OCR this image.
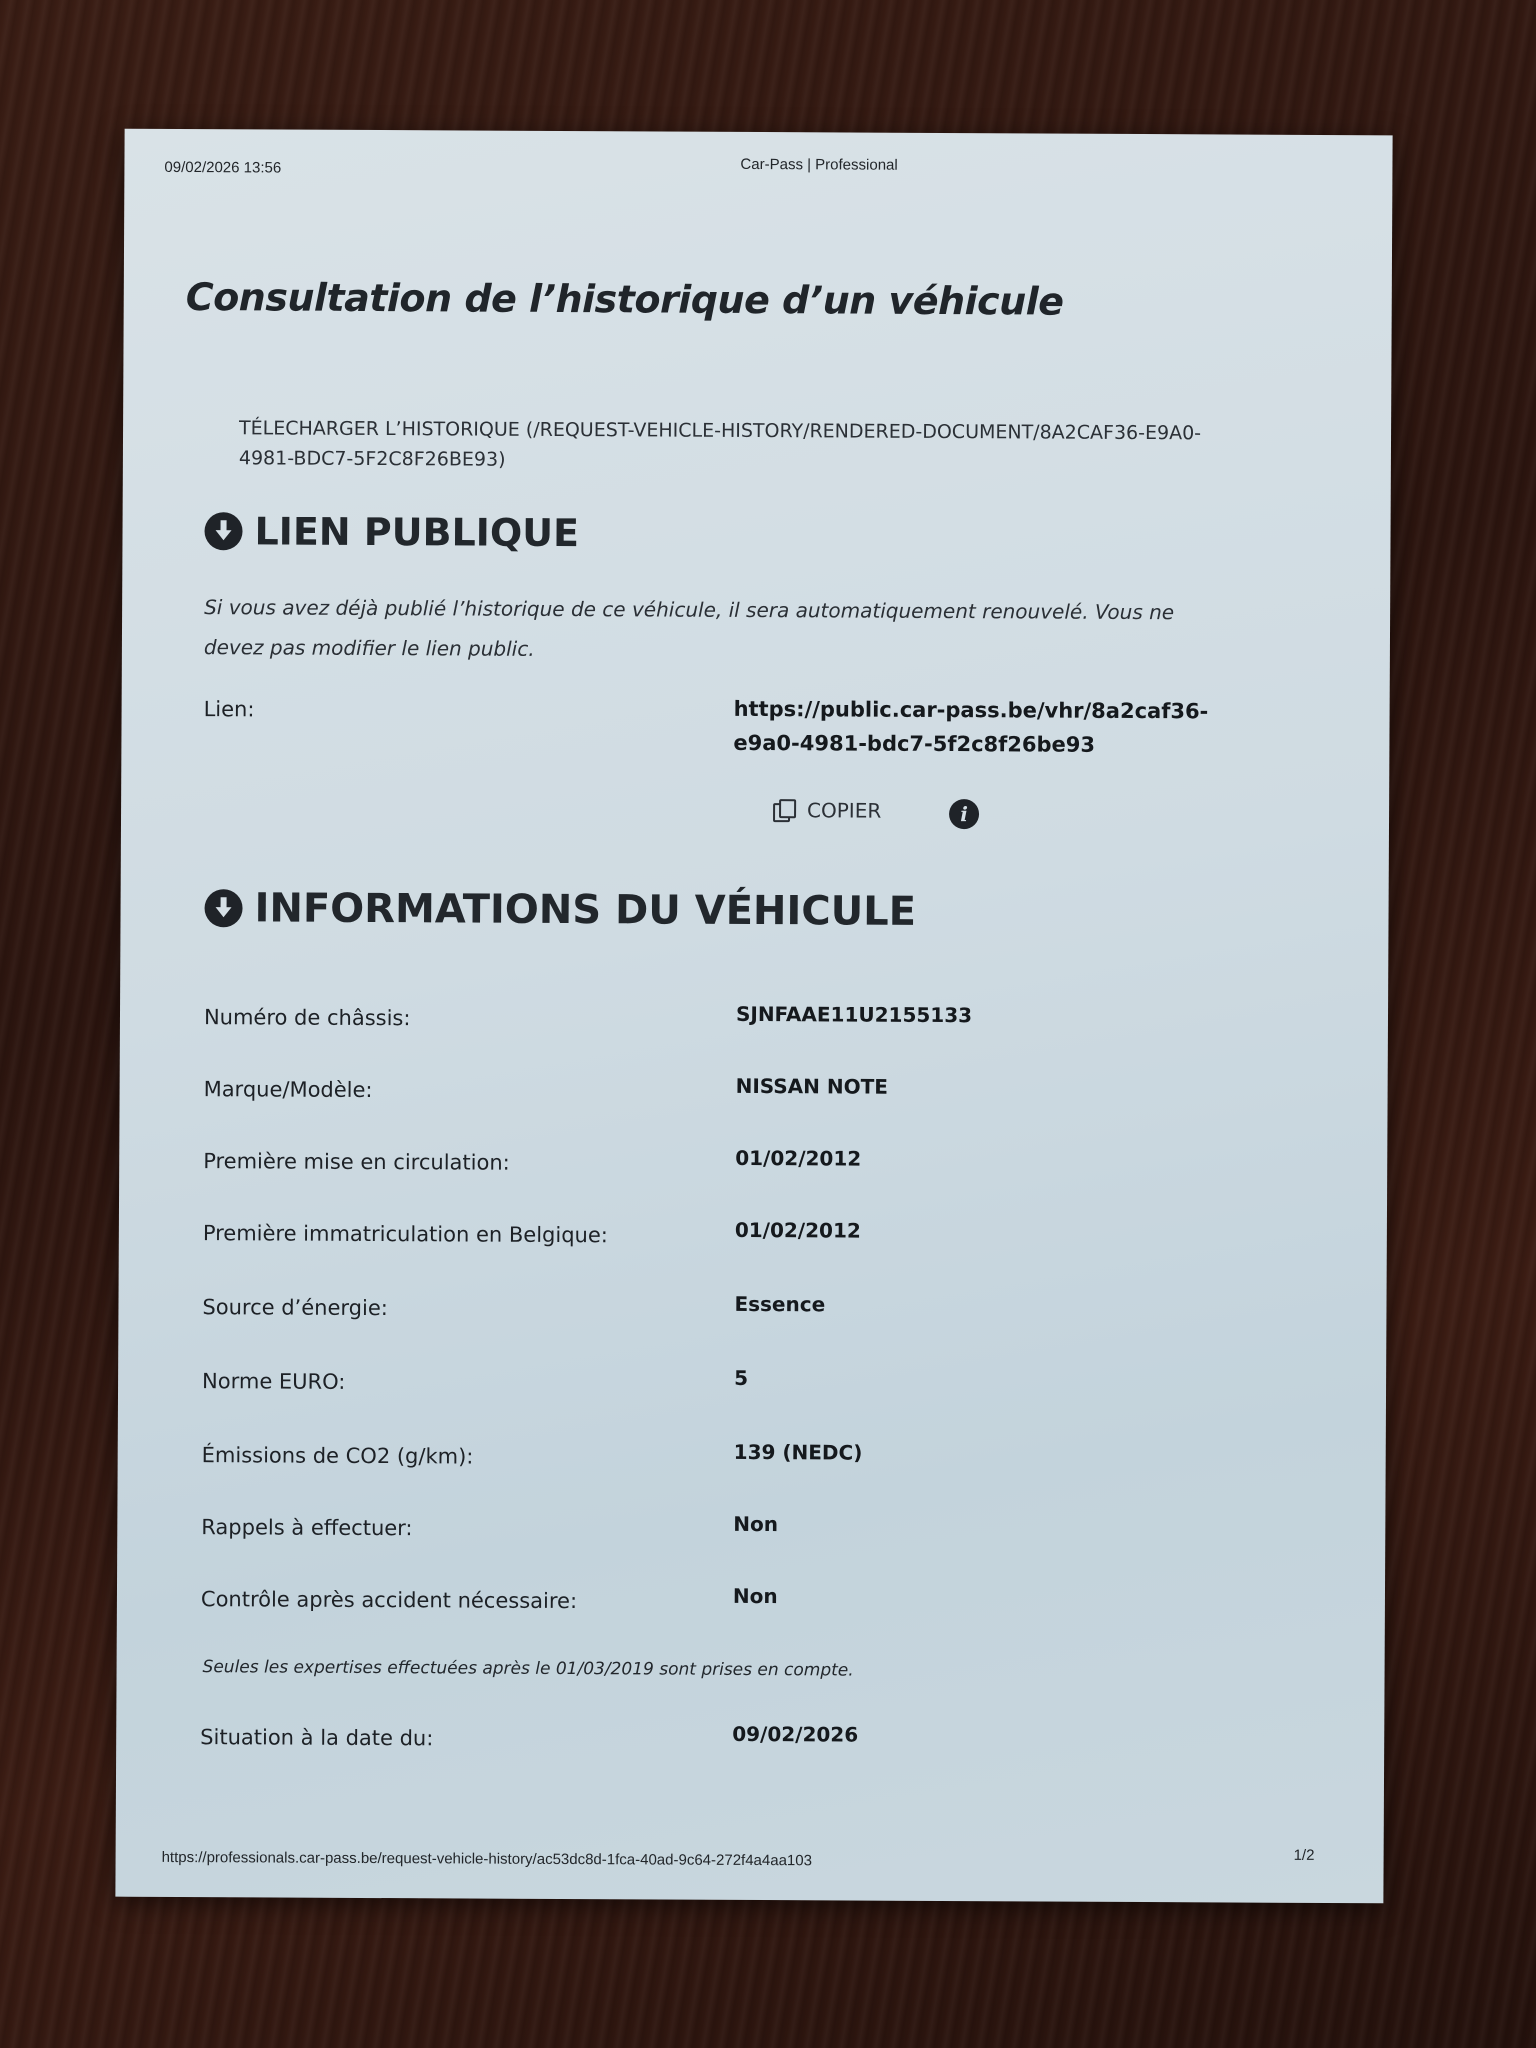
09/02/2026 13:56	Car-Pass | Professional
Consultation de l’historique d’un véhicule
TÉLECHARGER L’HISTORIQUE (/REQUEST-VEHICLE-HISTORY/RENDERED-DOCUMENT/8A2CAF36-E9A0-4981-BDC7-5F2C8F26BE93)
LIEN PUBLIQUE
Si vous avez déjà publié l’historique de ce véhicule, il sera automatiquement renouvelé. Vous ne devez pas modifier le lien public.
Lien:	https://public.car-pass.be/vhr/8a2caf36-e9a0-4981-bdc7-5f2c8f26be93
COPIER	i
INFORMATIONS DU VÉHICULE
Numéro de châssis:	SJNFAAE11U2155133
Marque/Modèle:	NISSAN NOTE
Première mise en circulation:	01/02/2012
Première immatriculation en Belgique:	01/02/2012
Source d’énergie:	Essence
Norme EURO:	5
Émissions de CO2 (g/km):	139 (NEDC)
Rappels à effectuer:	Non
Contrôle après accident nécessaire:	Non
Seules les expertises effectuées après le 01/03/2019 sont prises en compte.
Situation à la date du:	09/02/2026
https://professionals.car-pass.be/request-vehicle-history/ac53dc8d-1fca-40ad-9c64-272f4a4aa103	1/2
